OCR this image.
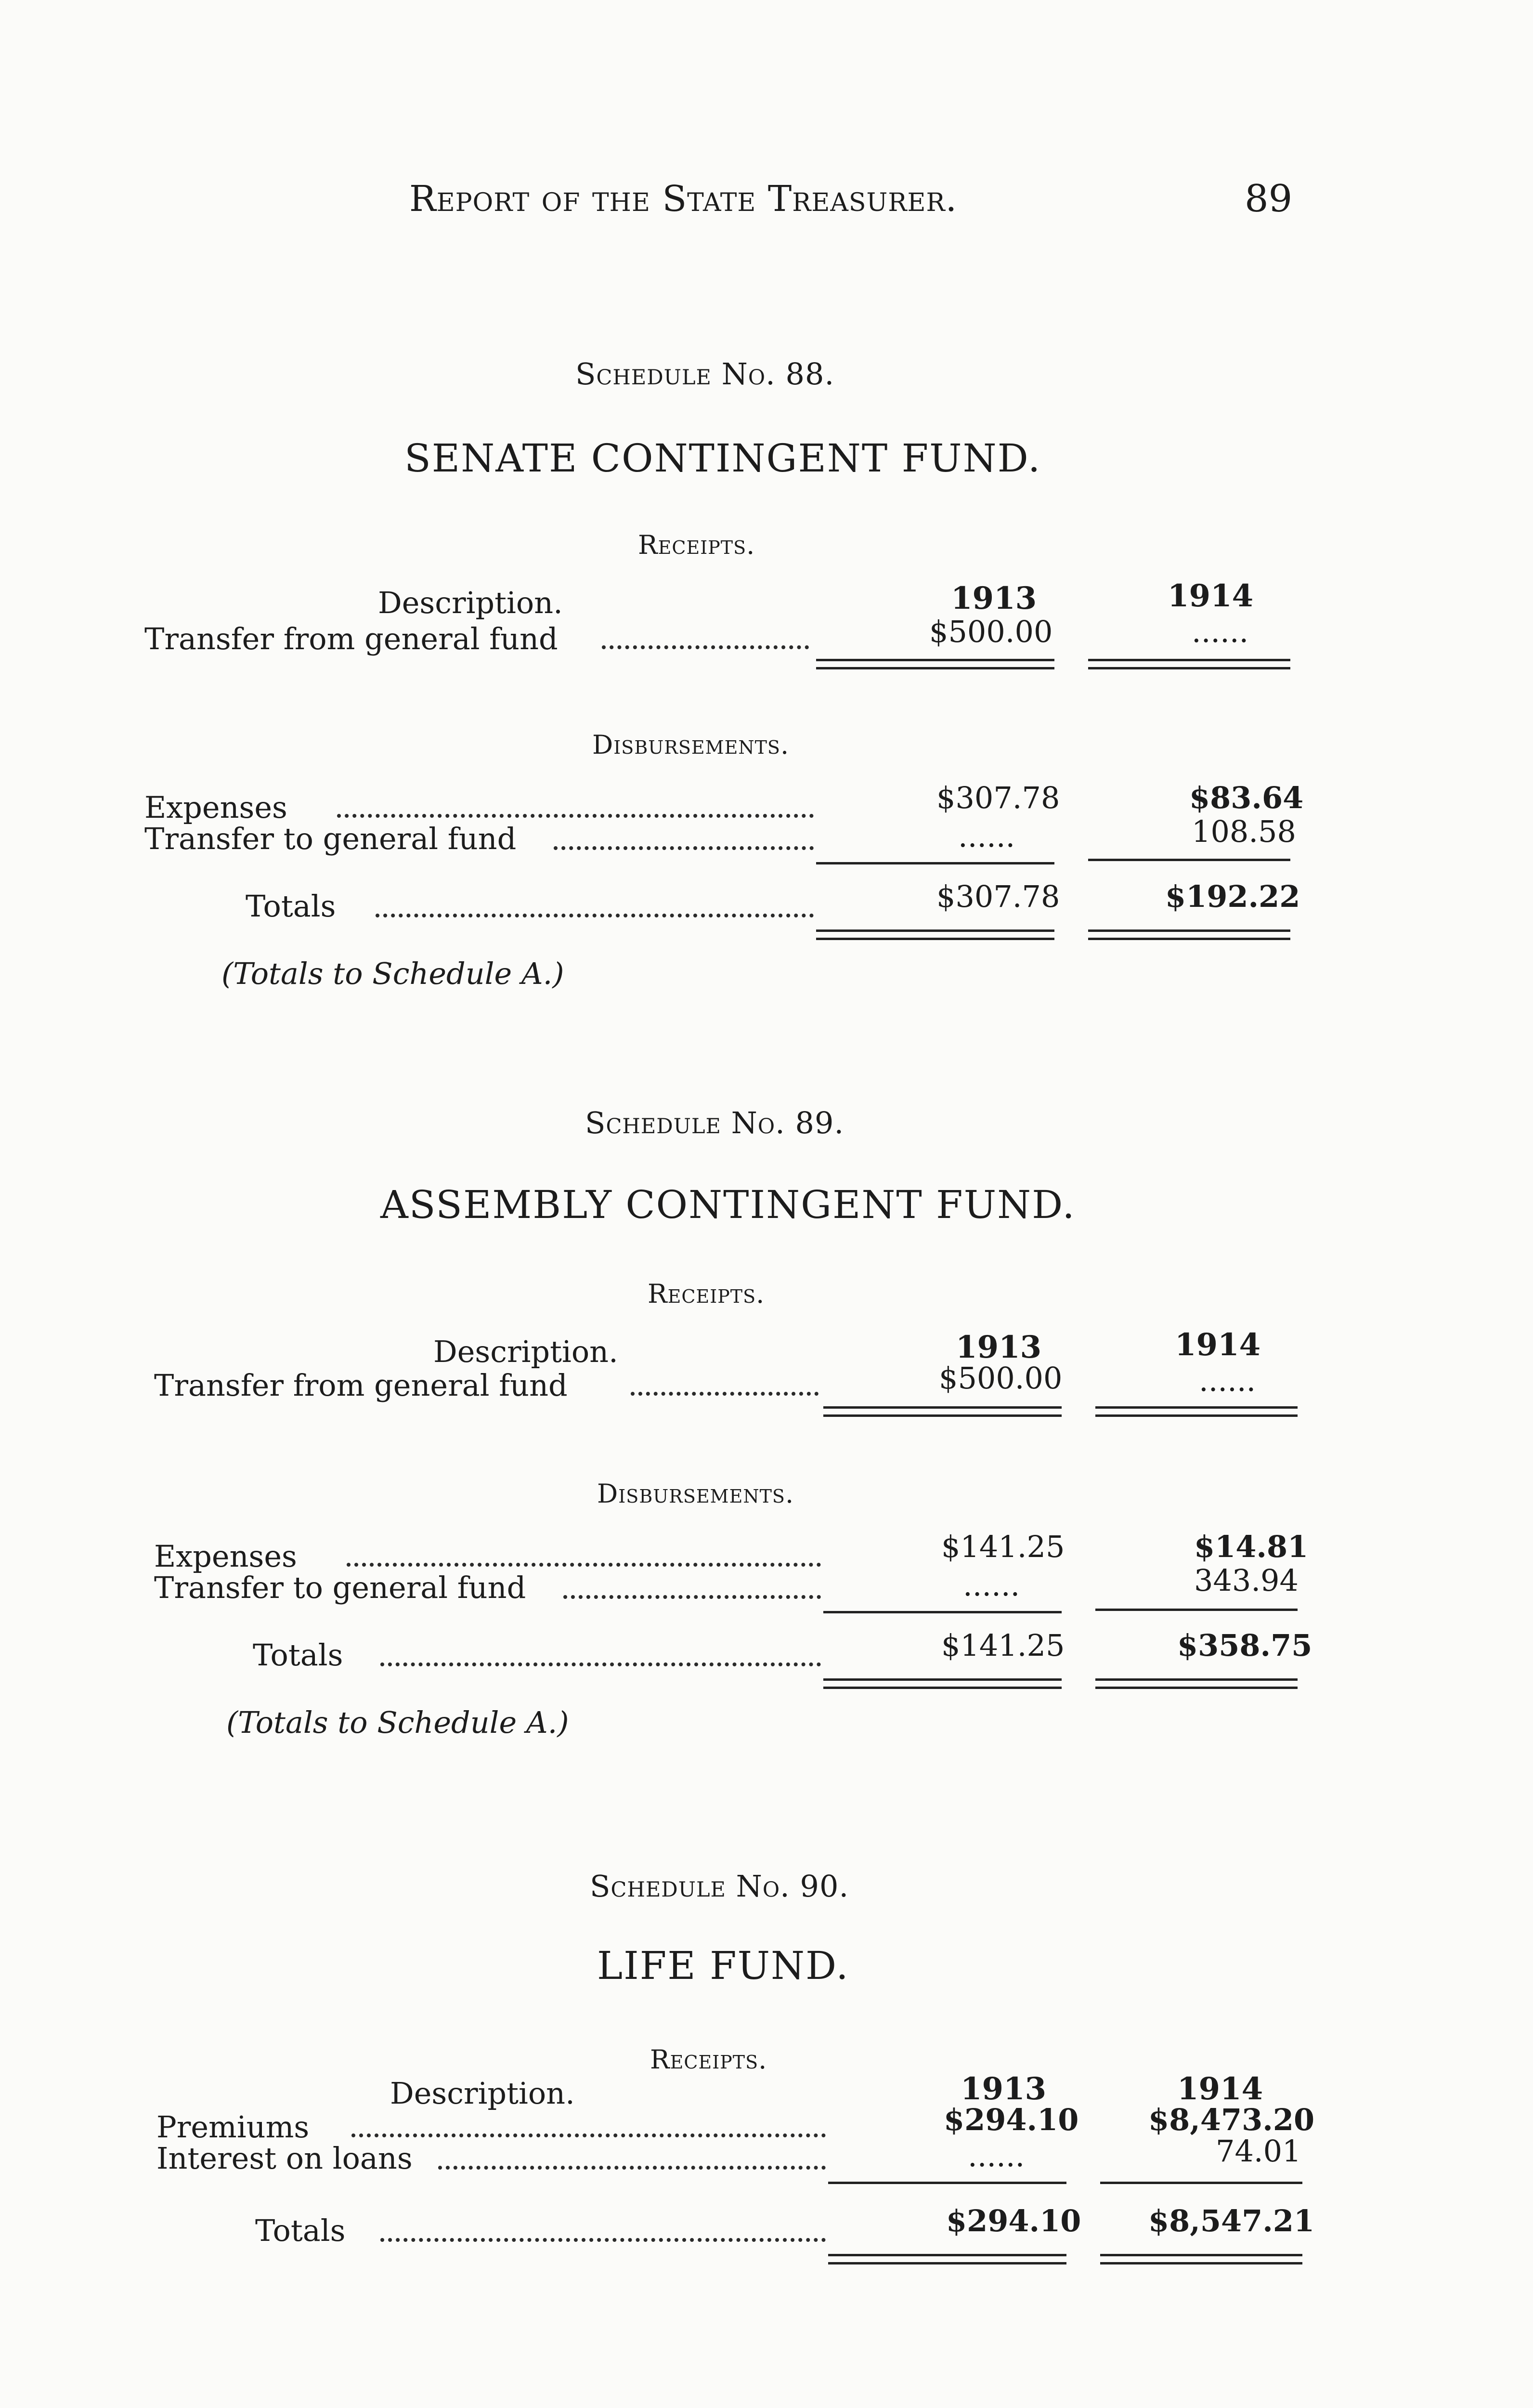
Report of the State Treasurer.	89
Schedule No. 88.
SENATE CONTINGENT FUND.
Receipts.
Description.	1913	1914
Transfer from general fund	$500.00	......
Disbursements.
Expenses	$307.78	$83.64
Transfer to general fund	......	108.58
Totals	$307.78	$192.22
(Totals to Schedule A.)
Schedule No. 89.
ASSEMBLY CONTINGENT FUND.
Receipts.
Description.	1913	1914
Transfer from general fund	$500.00	......
Disbursements.
Expenses	$141.25	$14.81
Transfer to general fund	......	343.94
Totals	$141.25	$358.75
(Totals to Schedule A.)
Schedule No. 90.
LIFE FUND.
Receipts.
Description.	1913	1914
Premiums	$294.10 $8,473.20
Interest on loans	......	74.01
Totals	$294.10 $8,547.21
